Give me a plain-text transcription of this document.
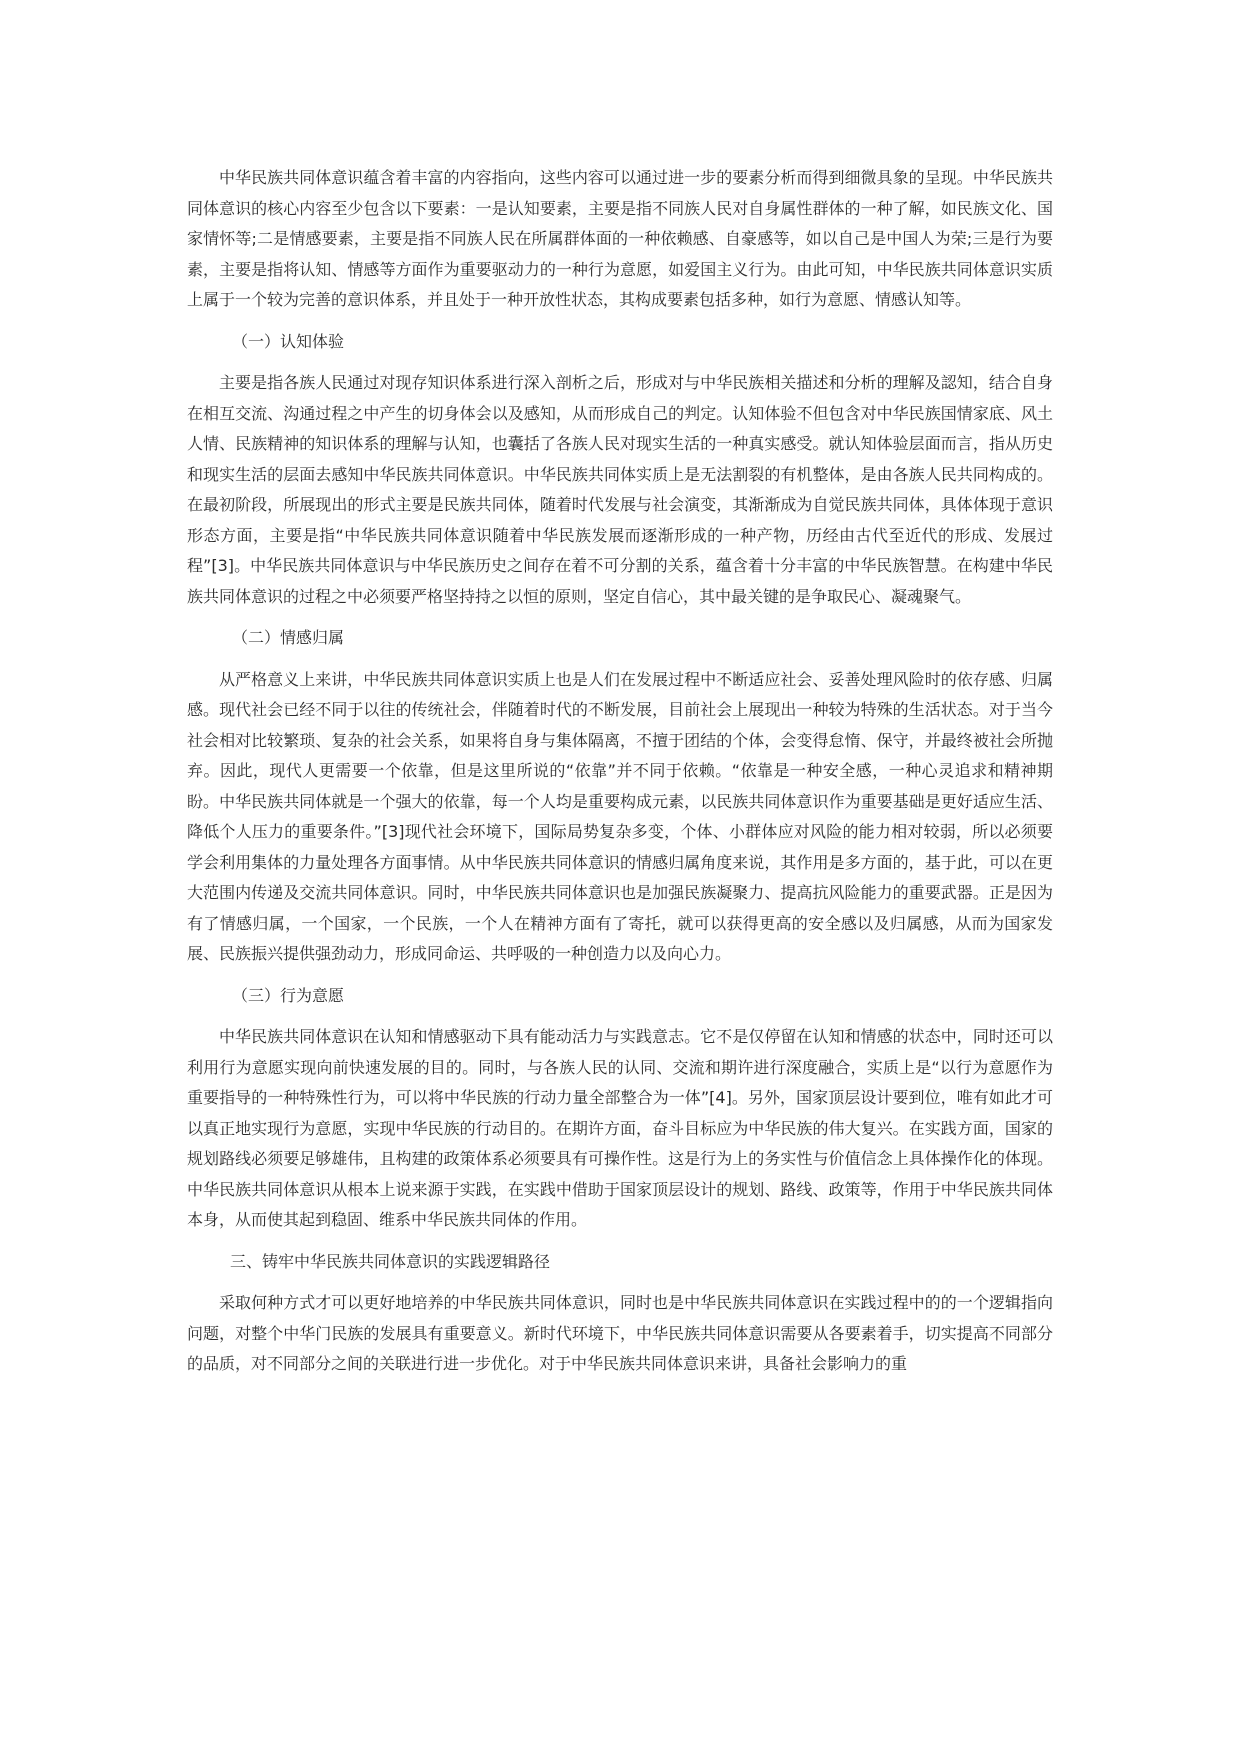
中华民族共同体意识蕴含着丰富的内容指向，这些内容可以通过进一步的要素分析而得到细微具象的呈现。中华民族共同体意识的核心内容至少包含以下要素：一是认知要素，主要是指不同族人民对自身属性群体的一种了解，如民族文化、国家情怀等;二是情感要素，主要是指不同族人民在所属群体面的一种依赖感、自豪感等，如以自己是中国人为荣;三是行为要素，主要是指将认知、情感等方面作为重要驱动力的一种行为意愿，如爱国主义行为。由此可知，中华民族共同体意识实质上属于一个较为完善的意识体系，并且处于一种开放性状态，其构成要素包括多种，如行为意愿、情感认知等。

（一）认知体验

主要是指各族人民通过对现存知识体系进行深入剖析之后，形成对与中华民族相关描述和分析的理解及認知，结合自身在相互交流、沟通过程之中产生的切身体会以及感知，从而形成自己的判定。认知体验不但包含对中华民族国情家底、风土人情、民族精神的知识体系的理解与认知，也囊括了各族人民对现实生活的一种真实感受。就认知体验层面而言，指从历史和现实生活的层面去感知中华民族共同体意识。中华民族共同体实质上是无法割裂的有机整体，是由各族人民共同构成的。在最初阶段，所展现出的形式主要是民族共同体，随着时代发展与社会演变，其渐渐成为自觉民族共同体，具体体现于意识形态方面，主要是指“中华民族共同体意识随着中华民族发展而逐渐形成的一种产物，历经由古代至近代的形成、发展过程”[3]。中华民族共同体意识与中华民族历史之间存在着不可分割的关系，蕴含着十分丰富的中华民族智慧。在构建中华民族共同体意识的过程之中必须要严格坚持持之以恒的原则，坚定自信心，其中最关键的是争取民心、凝魂聚气。

（二）情感归属

从严格意义上来讲，中华民族共同体意识实质上也是人们在发展过程中不断适应社会、妥善处理风险时的依存感、归属感。现代社会已经不同于以往的传统社会，伴随着时代的不断发展，目前社会上展现出一种较为特殊的生活状态。对于当今社会相对比较繁琐、复杂的社会关系，如果将自身与集体隔离，不擅于团结的个体，会变得怠惰、保守，并最终被社会所抛弃。因此，现代人更需要一个依靠，但是这里所说的“依靠”并不同于依赖。“依靠是一种安全感，一种心灵追求和精神期盼。中华民族共同体就是一个强大的依靠，每一个人均是重要构成元素，以民族共同体意识作为重要基础是更好适应生活、降低个人压力的重要条件。”[3]现代社会环境下，国际局势复杂多变，个体、小群体应对风险的能力相对较弱，所以必须要学会利用集体的力量处理各方面事情。从中华民族共同体意识的情感归属角度来说，其作用是多方面的，基于此，可以在更大范围内传递及交流共同体意识。同时，中华民族共同体意识也是加强民族凝聚力、提高抗风险能力的重要武器。正是因为有了情感归属，一个国家，一个民族，一个人在精神方面有了寄托，就可以获得更高的安全感以及归属感，从而为国家发展、民族振兴提供强劲动力，形成同命运、共呼吸的一种创造力以及向心力。

（三）行为意愿

中华民族共同体意识在认知和情感驱动下具有能动活力与实践意志。它不是仅停留在认知和情感的状态中，同时还可以利用行为意愿实现向前快速发展的目的。同时，与各族人民的认同、交流和期许进行深度融合，实质上是“以行为意愿作为重要指导的一种特殊性行为，可以将中华民族的行动力量全部整合为一体”[4]。另外，国家顶层设计要到位，唯有如此才可以真正地实现行为意愿，实现中华民族的行动目的。在期许方面，奋斗目标应为中华民族的伟大复兴。在实践方面，国家的规划路线必须要足够雄伟，且构建的政策体系必须要具有可操作性。这是行为上的务实性与价值信念上具体操作化的体现。中华民族共同体意识从根本上说来源于实践，在实践中借助于国家顶层设计的规划、路线、政策等，作用于中华民族共同体本身，从而使其起到稳固、维系中华民族共同体的作用。

三、铸牢中华民族共同体意识的实践逻辑路径

采取何种方式才可以更好地培养的中华民族共同体意识，同时也是中华民族共同体意识在实践过程中的的一个逻辑指向问题，对整个中华门民族的发展具有重要意义。新时代环境下，中华民族共同体意识需要从各要素着手，切实提高不同部分的品质，对不同部分之间的关联进行进一步优化。对于中华民族共同体意识来讲，具备社会影响力的重
